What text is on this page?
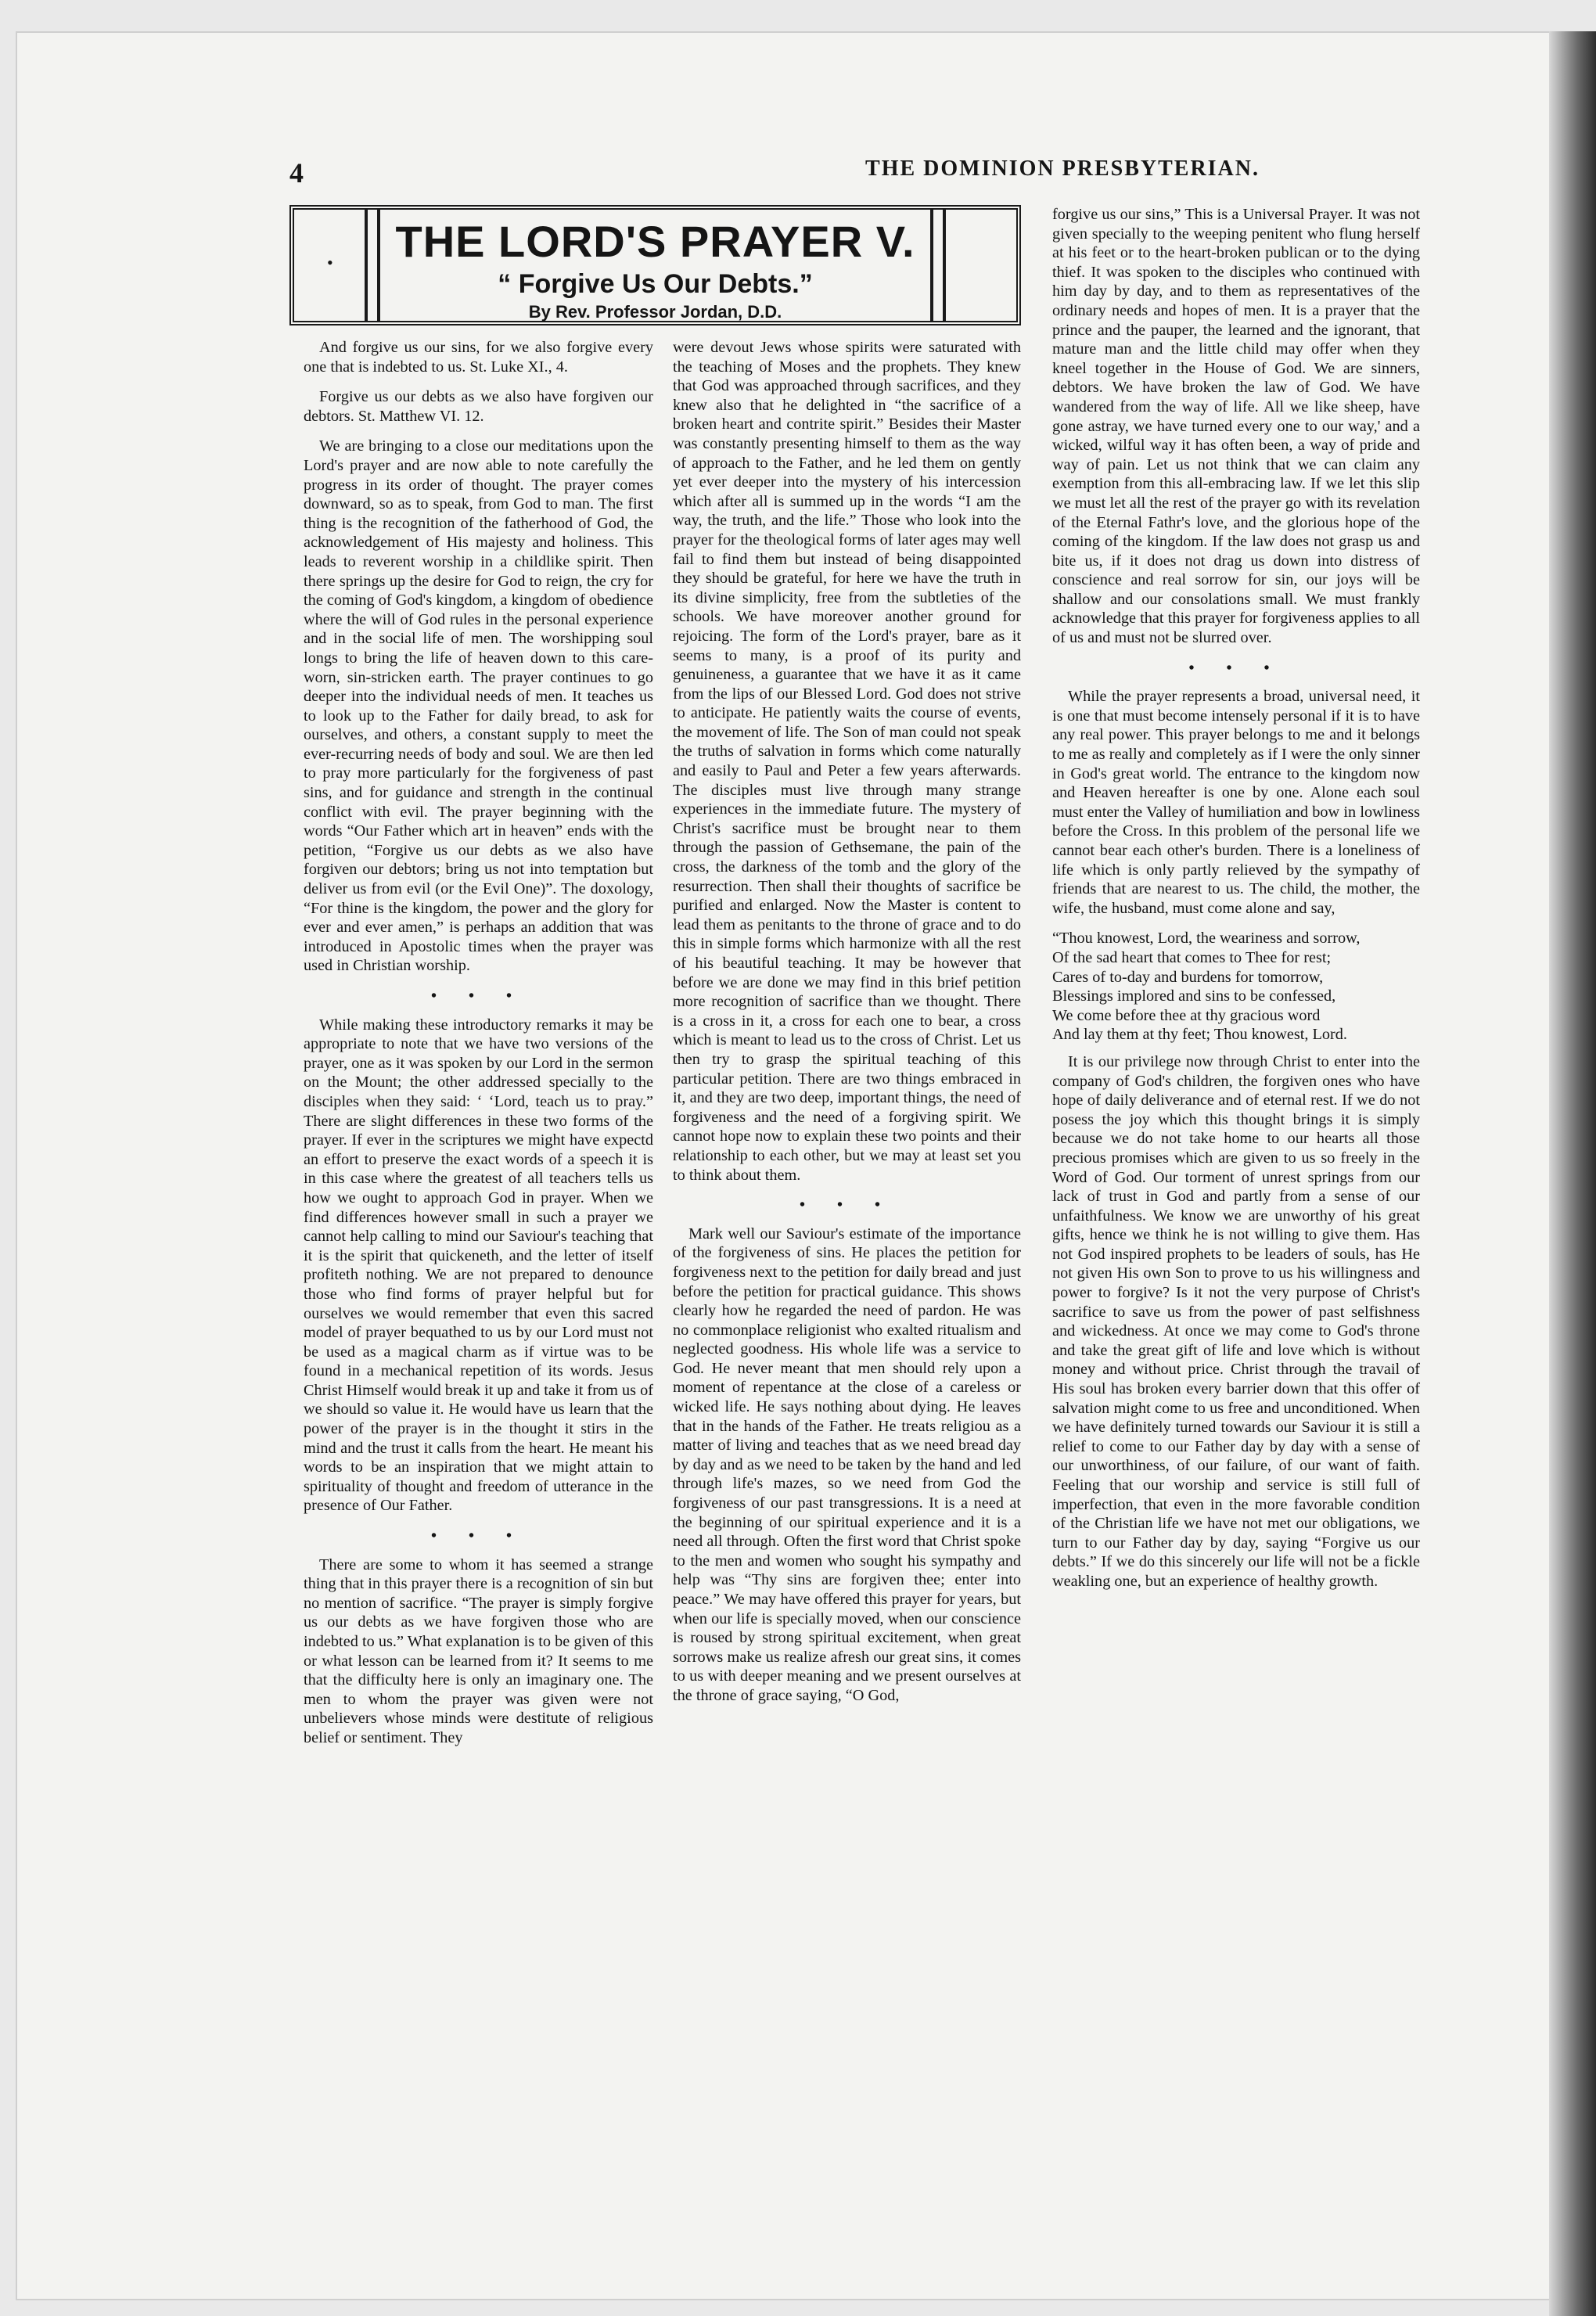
4	THE DOMINION PRESBYTERIAN.
•	THE LORD'S PRAYER V.
“ Forgive Us Our Debts.”
By Rev. Professor Jordan, D.D.

And forgive us our sins, for we also forgive every one that is indebted to us. St. Luke XI., 4.

Forgive us our debts as we also have forgiven our debtors. St. Matthew VI. 12.

We are bringing to a close our meditations upon the Lord's prayer and are now able to note carefully the progress in its order of thought. The prayer comes downward, so as to speak, from God to man. The first thing is the recognition of the fatherhood of God, the acknowledgement of His majesty and holiness. This leads to reverent worship in a childlike spirit. Then there springs up the desire for God to reign, the cry for the coming of God's kingdom, a kingdom of obedience where the will of God rules in the personal experience and in the social life of men. The worshipping soul longs to bring the life of heaven down to this care-worn, sin-stricken earth. The prayer continues to go deeper into the individual needs of men. It teaches us to look up to the Father for daily bread, to ask for ourselves, and others, a constant supply to meet the ever-recurring needs of body and soul. We are then led to pray more particularly for the forgiveness of past sins, and for guidance and strength in the continual conflict with evil. The prayer beginning with the words “Our Father which art in heaven” ends with the petition, “Forgive us our debts as we also have forgiven our debtors; bring us not into temptation but deliver us from evil (or the Evil One)”. The doxology, “For thine is the kingdom, the power and the glory for ever and ever amen,” is perhaps an addition that was introduced in Apostolic times when the prayer was used in Christian worship.

• • •

While making these introductory remarks it may be appropriate to note that we have two versions of the prayer, one as it was spoken by our Lord in the sermon on the Mount; the other addressed specially to the disciples when they said: ‘ ‘Lord, teach us to pray.” There are slight differences in these two forms of the prayer. If ever in the scriptures we might have expectd an effort to preserve the exact words of a speech it is in this case where the greatest of all teachers tells us how we ought to approach God in prayer. When we find differences however small in such a prayer we cannot help calling to mind our Saviour's teaching that it is the spirit that quickeneth, and the letter of itself profiteth nothing. We are not prepared to denounce those who find forms of prayer helpful but for ourselves we would remember that even this sacred model of prayer bequathed to us by our Lord must not be used as a magical charm as if virtue was to be found in a mechanical repetition of its words. Jesus Christ Himself would break it up and take it from us of we should so value it. He would have us learn that the power of the prayer is in the thought it stirs in the mind and the trust it calls from the heart. He meant his words to be an inspiration that we might attain to spirituality of thought and freedom of utterance in the presence of Our Father.

• • •

There are some to whom it has seemed a strange thing that in this prayer there is a recognition of sin but no mention of sacrifice. “The prayer is simply forgive us our debts as we have forgiven those who are indebted to us.” What explanation is to be given of this or what lesson can be learned from it? It seems to me that the difficulty here is only an imaginary one. The men to whom the prayer was given were not unbelievers whose minds were destitute of religious belief or sentiment. They

were devout Jews whose spirits were saturated with the teaching of Moses and the prophets. They knew that God was approached through sacrifices, and they knew also that he delighted in “the sacrifice of a broken heart and contrite spirit.” Besides their Master was constantly presenting himself to them as the way of approach to the Father, and he led them on gently yet ever deeper into the mystery of his intercession which after all is summed up in the words “I am the way, the truth, and the life.” Those who look into the prayer for the theological forms of later ages may well fail to find them but instead of being disappointed they should be grateful, for here we have the truth in its divine simplicity, free from the subtleties of the schools. We have moreover another ground for rejoicing. The form of the Lord's prayer, bare as it seems to many, is a proof of its purity and genuineness, a guarantee that we have it as it came from the lips of our Blessed Lord. God does not strive to anticipate. He patiently waits the course of events, the movement of life. The Son of man could not speak the truths of salvation in forms which come naturally and easily to Paul and Peter a few years afterwards. The disciples must live through many strange experiences in the immediate future. The mystery of Christ's sacrifice must be brought near to them through the passion of Gethsemane, the pain of the cross, the darkness of the tomb and the glory of the resurrection. Then shall their thoughts of sacrifice be purified and enlarged. Now the Master is content to lead them as penitants to the throne of grace and to do this in simple forms which harmonize with all the rest of his beautiful teaching. It may be however that before we are done we may find in this brief petition more recognition of sacrifice than we thought. There is a cross in it, a cross for each one to bear, a cross which is meant to lead us to the cross of Christ. Let us then try to grasp the spiritual teaching of this particular petition. There are two things embraced in it, and they are two deep, important things, the need of forgiveness and the need of a forgiving spirit. We cannot hope now to explain these two points and their relationship to each other, but we may at least set you to think about them.

• • •

Mark well our Saviour's estimate of the importance of the forgiveness of sins. He places the petition for forgiveness next to the petition for daily bread and just before the petition for practical guidance. This shows clearly how he regarded the need of pardon. He was no commonplace religionist who exalted ritualism and neglected goodness. His whole life was a service to God. He never meant that men should rely upon a moment of repentance at the close of a careless or wicked life. He says nothing about dying. He leaves that in the hands of the Father. He treats religiou as a matter of living and teaches that as we need bread day by day and as we need to be taken by the hand and led through life's mazes, so we need from God the forgiveness of our past transgressions. It is a need at the beginning of our spiritual experience and it is a need all through. Often the first word that Christ spoke to the men and women who sought his sympathy and help was “Thy sins are forgiven thee; enter into peace.” We may have offered this prayer for years, but when our life is specially moved, when our conscience is roused by strong spiritual excitement, when great sorrows make us realize afresh our great sins, it comes to us with deeper meaning and we present ourselves at the throne of grace saying, “O God,

forgive us our sins,” This is a Universal Prayer. It was not given specially to the weeping penitent who flung herself at his feet or to the heart-broken publican or to the dying thief. It was spoken to the disciples who continued with him day by day, and to them as representatives of the ordinary needs and hopes of men. It is a prayer that the prince and the pauper, the learned and the ignorant, that mature man and the little child may offer when they kneel together in the House of God. We are sinners, debtors. We have broken the law of God. We have wandered from the way of life. All we like sheep, have gone astray, we have turned every one to our way,' and a wicked, wilful way it has often been, a way of pride and way of pain. Let us not think that we can claim any exemption from this all-embracing law. If we let this slip we must let all the rest of the prayer go with its revelation of the Eternal Fathr's love, and the glorious hope of the coming of the kingdom. If the law does not grasp us and bite us, if it does not drag us down into distress of conscience and real sorrow for sin, our joys will be shallow and our consolations small. We must frankly acknowledge that this prayer for forgiveness applies to all of us and must not be slurred over.

• • •

While the prayer represents a broad, universal need, it is one that must become intensely personal if it is to have any real power. This prayer belongs to me and it belongs to me as really and completely as if I were the only sinner in God's great world. The entrance to the kingdom now and Heaven hereafter is one by one. Alone each soul must enter the Valley of humiliation and bow in lowliness before the Cross. In this problem of the personal life we cannot bear each other's burden. There is a loneliness of life which is only partly relieved by the sympathy of friends that are nearest to us. The child, the mother, the wife, the husband, must come alone and say,

“Thou knowest, Lord, the weariness and sorrow,
Of the sad heart that comes to Thee for rest;
Cares of to-day and burdens for tomorrow,
Blessings implored and sins to be confessed,
We come before thee at thy gracious word
And lay them at thy feet; Thou knowest, Lord.

It is our privilege now through Christ to enter into the company of God's children, the forgiven ones who have hope of daily deliverance and of eternal rest. If we do not posess the joy which this thought brings it is simply because we do not take home to our hearts all those precious promises which are given to us so freely in the Word of God. Our torment of unrest springs from our lack of trust in God and partly from a sense of our unfaithfulness. We know we are unworthy of his great gifts, hence we think he is not willing to give them. Has not God inspired prophets to be leaders of souls, has He not given His own Son to prove to us his willingness and power to forgive? Is it not the very purpose of Christ's sacrifice to save us from the power of past selfishness and wickedness. At once we may come to God's throne and take the great gift of life and love which is without money and without price. Christ through the travail of His soul has broken every barrier down that this offer of salvation might come to us free and unconditioned. When we have definitely turned towards our Saviour it is still a relief to come to our Father day by day with a sense of our unworthiness, of our failure, of our want of faith. Feeling that our worship and service is still full of imperfection, that even in the more favorable condition of the Christian life we have not met our obligations, we turn to our Father day by day, saying “Forgive us our debts.” If we do this sincerely our life will not be a fickle weakling one, but an experience of healthy growth.
